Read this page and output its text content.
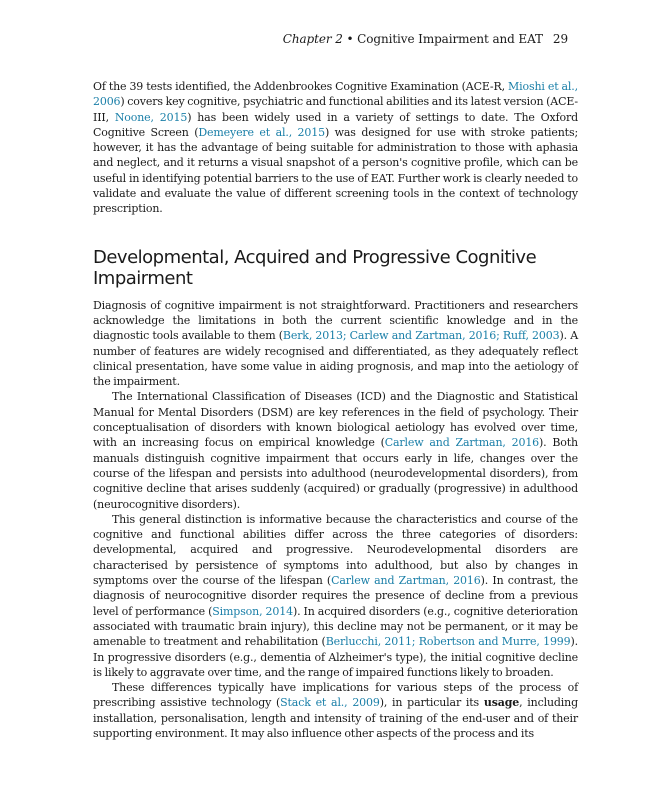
Chapter 2 • Cognitive Impairment and EAT 29

Of the 39 tests identified, the Addenbrookes Cognitive Examination (ACE-R, Mioshi et al., 2006) covers key cognitive, psychiatric and functional abilities and its latest version (ACE-III, Noone, 2015) has been widely used in a variety of settings to date. The Oxford Cognitive Screen (Demeyere et al., 2015) was designed for use with stroke patients; however, it has the advantage of being suitable for administration to those with aphasia and neglect, and it returns a visual snapshot of a person's cognitive profile, which can be useful in identifying potential barriers to the use of EAT. Further work is clearly needed to validate and evaluate the value of different screening tools in the context of technology prescription.

Developmental, Acquired and Progressive Cognitive Impairment

Diagnosis of cognitive impairment is not straightforward. Practitioners and researchers acknowledge the limitations in both the current scientific knowledge and in the diagnostic tools available to them (Berk, 2013; Carlew and Zartman, 2016; Ruff, 2003). A number of features are widely recognised and differentiated, as they adequately reflect clinical presentation, have some value in aiding prognosis, and map into the aetiology of the impairment.

The International Classification of Diseases (ICD) and the Diagnostic and Statistical Manual for Mental Disorders (DSM) are key references in the field of psychology. Their conceptualisation of disorders with known biological aetiology has evolved over time, with an increasing focus on empirical knowledge (Carlew and Zartman, 2016). Both manuals distinguish cognitive impairment that occurs early in life, changes over the course of the lifespan and persists into adulthood (neurodevelopmental disorders), from cognitive decline that arises suddenly (acquired) or gradually (progressive) in adulthood (neurocognitive disorders).

This general distinction is informative because the characteristics and course of the cognitive and functional abilities differ across the three categories of disorders: developmental, acquired and progressive. Neurodevelopmental disorders are characterised by persistence of symptoms into adulthood, but also by changes in symptoms over the course of the lifespan (Carlew and Zartman, 2016). In contrast, the diagnosis of neurocognitive disorder requires the presence of decline from a previous level of performance (Simpson, 2014). In acquired disorders (e.g., cognitive deterioration associated with traumatic brain injury), this decline may not be permanent, or it may be amenable to treatment and rehabilitation (Berlucchi, 2011; Robertson and Murre, 1999). In progressive disorders (e.g., dementia of Alzheimer's type), the initial cognitive decline is likely to aggravate over time, and the range of impaired functions likely to broaden.

These differences typically have implications for various steps of the process of prescribing assistive technology (Stack et al., 2009), in particular its usage, including installation, personalisation, length and intensity of training of the end-user and of their supporting environment. It may also influence other aspects of the process and its
